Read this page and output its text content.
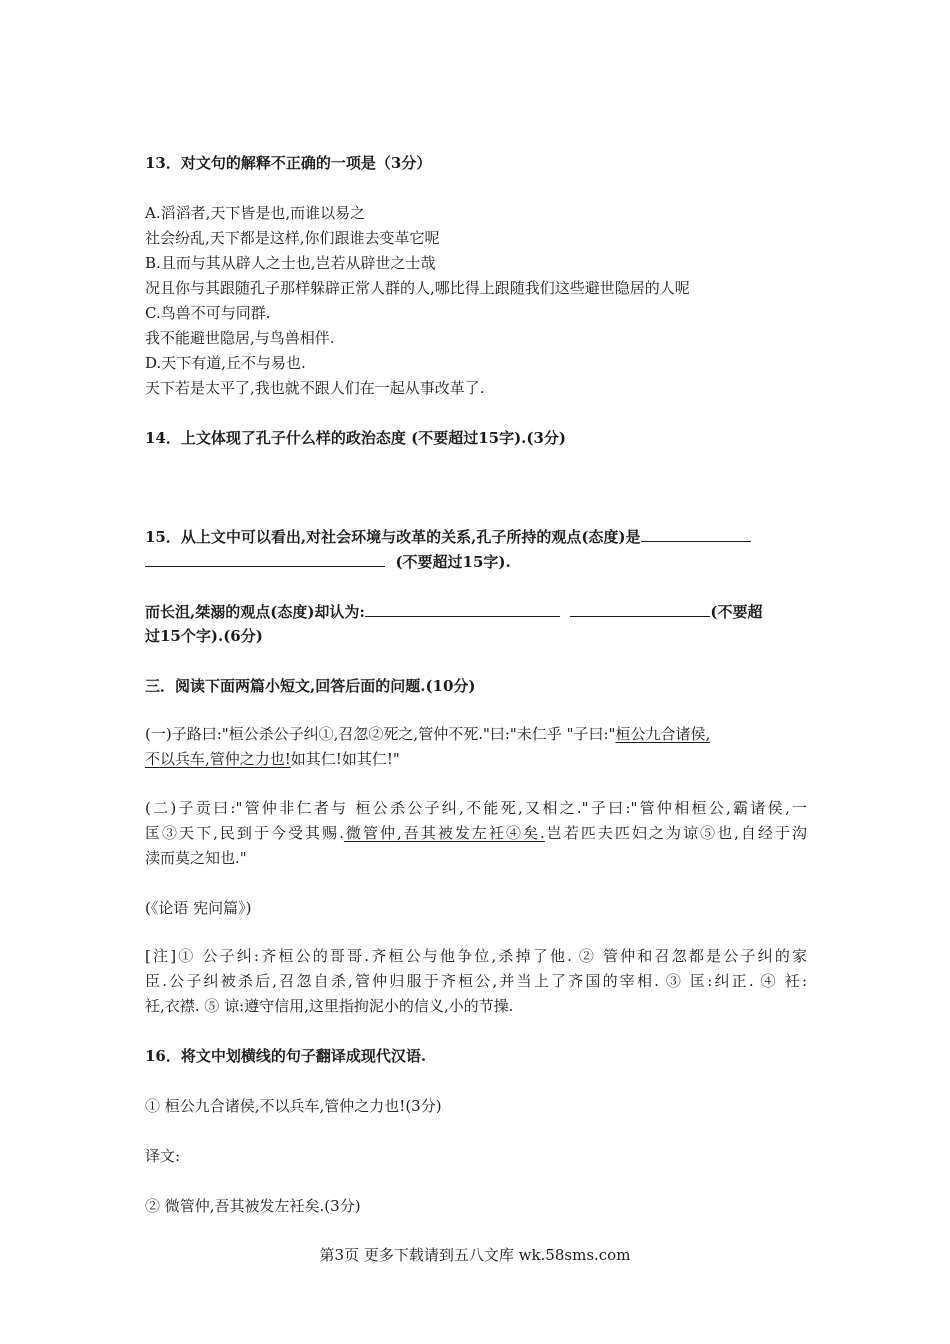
13．对文句的解释不正确的一项是（3分）
A.滔滔者,天下皆是也,而谁以易之
社会纷乱,天下都是这样,你们跟谁去变革它呢
B.且而与其从辟人之士也,岂若从辟世之士哉
况且你与其跟随孔子那样躲辟正常人群的人,哪比得上跟随我们这些避世隐居的人呢
C.鸟兽不可与同群.
我不能避世隐居,与鸟兽相伴.
D.天下有道,丘不与易也.
天下若是太平了,我也就不跟人们在一起从事改革了.
14．上文体现了孔子什么样的政治态度 (不要超过15字).(3分)
15．从上文中可以看出,对社会环境与改革的关系,孔子所持的观点(态度)是
(不要超过15字).
而长沮,桀溺的观点(态度)却认为:	(不要超
过15个字).(6分)
三．阅读下面两篇小短文,回答后面的问题.(10分)
(一)子路曰:"桓公杀公子纠①,召忽②死之,管仲不死."曰:"未仁乎 "子曰:"桓公九合诸侯,
不以兵车,管仲之力也!如其仁!如其仁!"
(二)子贡曰:"管仲非仁者与 桓公杀公子纠,不能死,又相之."子曰:"管仲相桓公,霸诸侯,一
匡③天下,民到于今受其赐.微管仲,吾其被发左衽④矣.岂若匹夫匹妇之为谅⑤也,自经于沟
渎而莫之知也."
(《论语 宪问篇》)
[注]① 公子纠:齐桓公的哥哥.齐桓公与他争位,杀掉了他. ② 管仲和召忽都是公子纠的家
臣.公子纠被杀后,召忽自杀,管仲归服于齐桓公,并当上了齐国的宰相. ③ 匡:纠正. ④ 衽:
衽,衣襟. ⑤ 谅:遵守信用,这里指拘泥小的信义,小的节操.
16．将文中划横线的句子翻译成现代汉语.
① 桓公九合诸侯,不以兵车,管仲之力也!(3分)
译文:
② 微管仲,吾其被发左衽矣.(3分)
第3页 更多下载请到五八文库 wk.58sms.com
